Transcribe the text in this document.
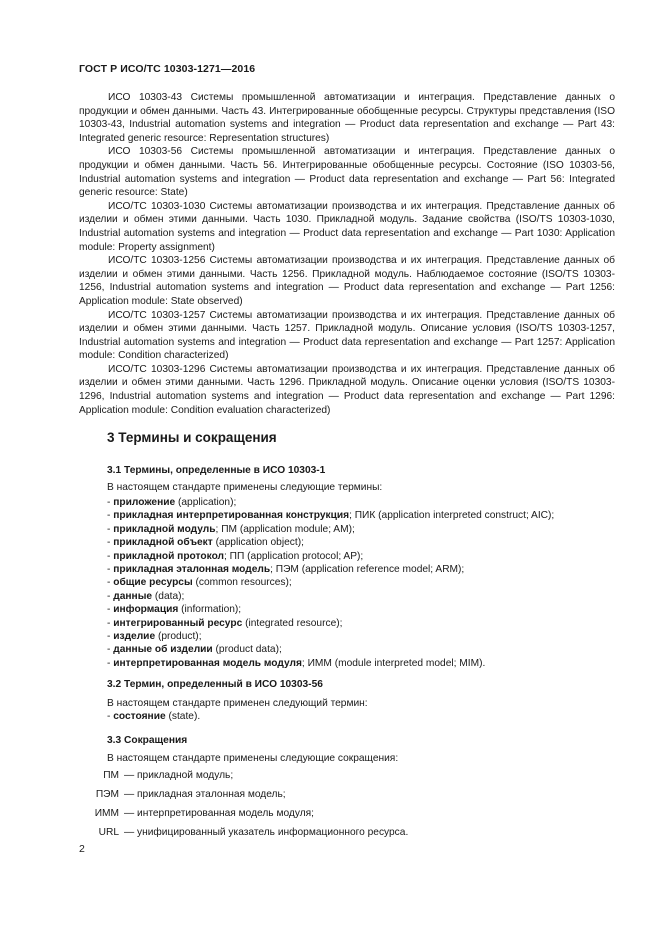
ГОСТ Р ИСО/ТС 10303-1271—2016

ИСО 10303-43 Системы промышленной автоматизации и интеграция. Представление данных о продукции и обмен данными. Часть 43. Интегрированные обобщенные ресурсы. Структуры представления (ISO 10303-43, Industrial automation systems and integration — Product data representation and exchange — Part 43: Integrated generic resource: Representation structures)

ИСО 10303-56 Системы промышленной автоматизации и интеграция. Представление данных о продукции и обмен данными. Часть 56. Интегрированные обобщенные ресурсы. Состояние (ISO 10303-56, Industrial automation systems and integration — Product data representation and exchange — Part 56: Integrated generic resource: State)

ИСО/ТС 10303-1030 Системы автоматизации производства и их интеграция. Представление данных об изделии и обмен этими данными. Часть 1030. Прикладной модуль. Задание свойства (ISO/TS 10303-1030, Industrial automation systems and integration — Product data representation and exchange — Part 1030: Application module: Property assignment)

ИСО/ТС 10303-1256 Системы автоматизации производства и их интеграция. Представление данных об изделии и обмен этими данными. Часть 1256. Прикладной модуль. Наблюдаемое состояние (ISO/TS 10303-1256, Industrial automation systems and integration — Product data representation and exchange — Part 1256: Application module: State observed)

ИСО/ТС 10303-1257 Системы автоматизации производства и их интеграция. Представление данных об изделии и обмен этими данными. Часть 1257. Прикладной модуль. Описание условия (ISO/TS 10303-1257, Industrial automation systems and integration — Product data representation and exchange — Part 1257: Application module: Condition characterized)

ИСО/ТС 10303-1296 Системы автоматизации производства и их интеграция. Представление данных об изделии и обмен этими данными. Часть 1296. Прикладной модуль. Описание оценки условия (ISO/TS 10303-1296, Industrial automation systems and integration — Product data representation and exchange — Part 1296: Application module: Condition evaluation characterized)

3 Термины и сокращения
3.1 Термины, определенные в ИСО 10303-1

В настоящем стандарте применены следующие термины:

- приложение (application);
- прикладная интерпретированная конструкция; ПИК (application interpreted construct; AIC);
- прикладной модуль; ПМ (application module; AM);
- прикладной объект (application object);
- прикладной протокол; ПП (application protocol; AP);
- прикладная эталонная модель; ПЭМ (application reference model; ARM);
- общие ресурсы (common resources);
- данные (data);
- информация (information);
- интегрированный ресурс (integrated resource);
- изделие (product);
- данные об изделии (product data);
- интерпретированная модель модуля; ИММ (module interpreted model; MIM).
3.2 Термин, определенный в ИСО 10303-56

В настоящем стандарте применен следующий термин:

- состояние (state).

3.3 Сокращения

В настоящем стандарте применены следующие сокращения:

ПМ — прикладной модуль;
ПЭМ — прикладная эталонная модель;
ИММ — интерпретированная модель модуля;
URL — унифицированный указатель информационного ресурса.
2
